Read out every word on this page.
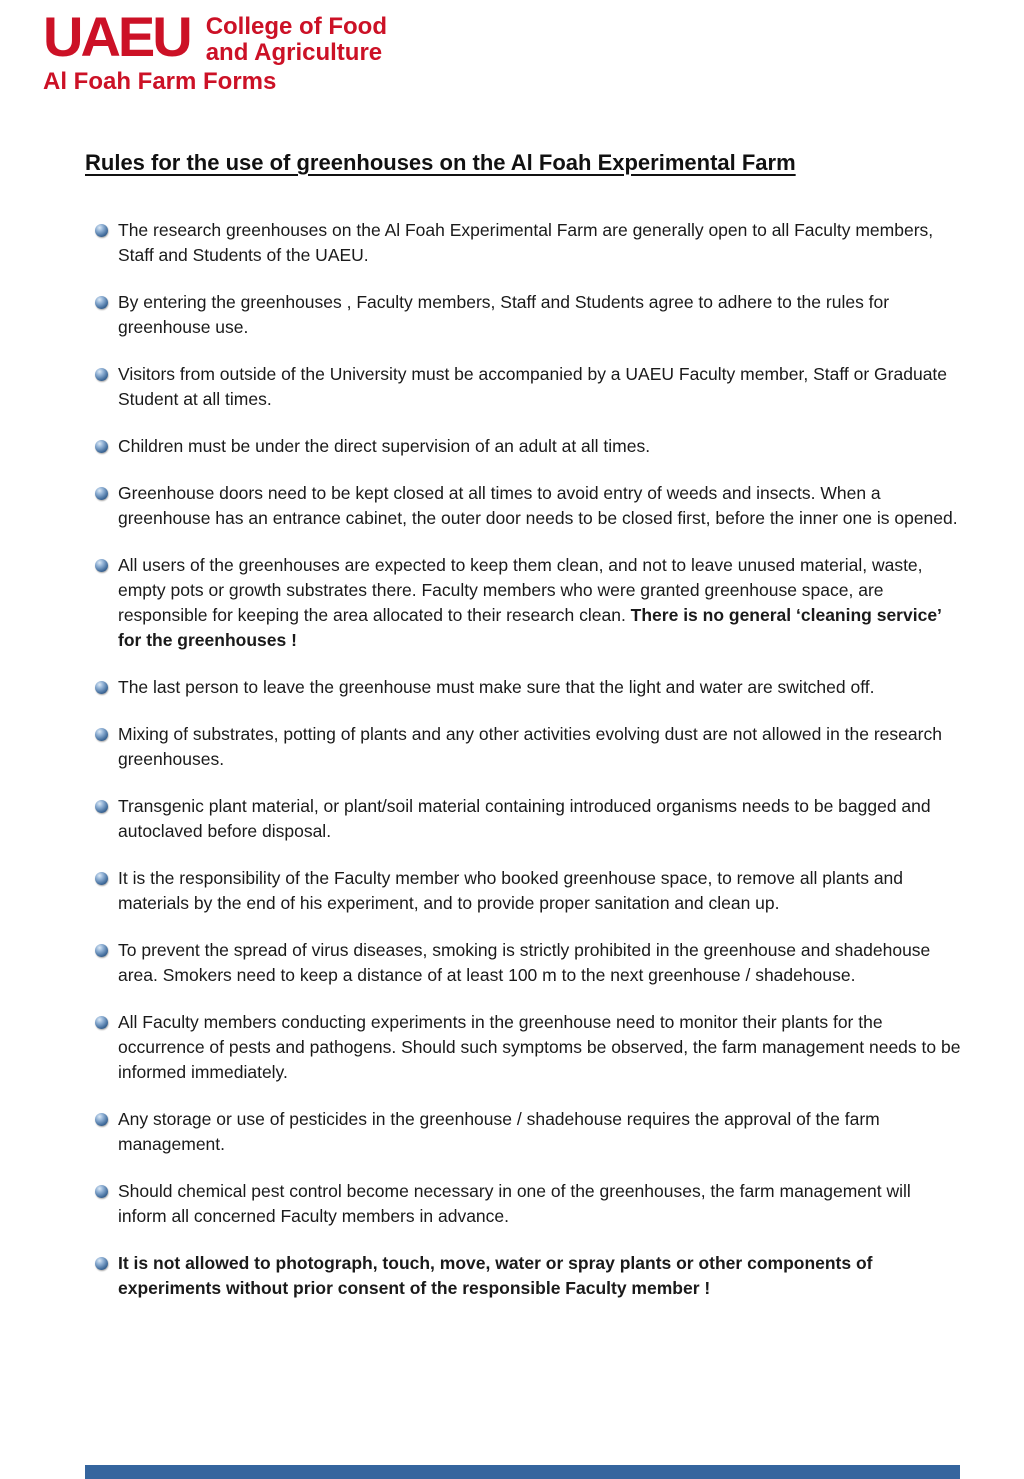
UAEU College of Food
and Agriculture
Al Foah Farm Forms
Rules for the use of greenhouses on the Al Foah Experimental Farm

The research greenhouses on the Al Foah Experimental Farm are generally open to all Faculty members, Staff and Students of the UAEU.

By entering the greenhouses , Faculty members, Staff and Students agree to adhere to the rules for greenhouse use.

Visitors from outside of the University must be accompanied by a UAEU Faculty member, Staff or Graduate Student at all times.

Children must be under the direct supervision of an adult at all times.

Greenhouse doors need to be kept closed at all times to avoid entry of weeds and insects. When a greenhouse has an entrance cabinet, the outer door needs to be closed first, before the inner one is opened.

All users of the greenhouses are expected to keep them clean, and not to leave unused material, waste, empty pots or growth substrates there. Faculty members who were granted greenhouse space, are responsible for keeping the area allocated to their research clean. There is no general ‘cleaning service’ for the greenhouses !

The last person to leave the greenhouse must make sure that the light and water are switched off.

Mixing of substrates, potting of plants and any other activities evolving dust are not allowed in the research greenhouses.

Transgenic plant material, or plant/soil material containing introduced organisms needs to be bagged and autoclaved before disposal.

It is the responsibility of the Faculty member who booked greenhouse space, to remove all plants and materials by the end of his experiment, and to provide proper sanitation and clean up.

To prevent the spread of virus diseases, smoking is strictly prohibited in the greenhouse and shadehouse area. Smokers need to keep a distance of at least 100 m to the next greenhouse / shadehouse.

All Faculty members conducting experiments in the greenhouse need to monitor their plants for the occurrence of pests and pathogens. Should such symptoms be observed, the farm management needs to be informed immediately.

Any storage or use of pesticides in the greenhouse / shadehouse requires the approval of the farm management.

Should chemical pest control become necessary in one of the greenhouses, the farm management will inform all concerned Faculty members in advance.

It is not allowed to photograph, touch, move, water or spray plants or other components of experiments without prior consent of the responsible Faculty member !
